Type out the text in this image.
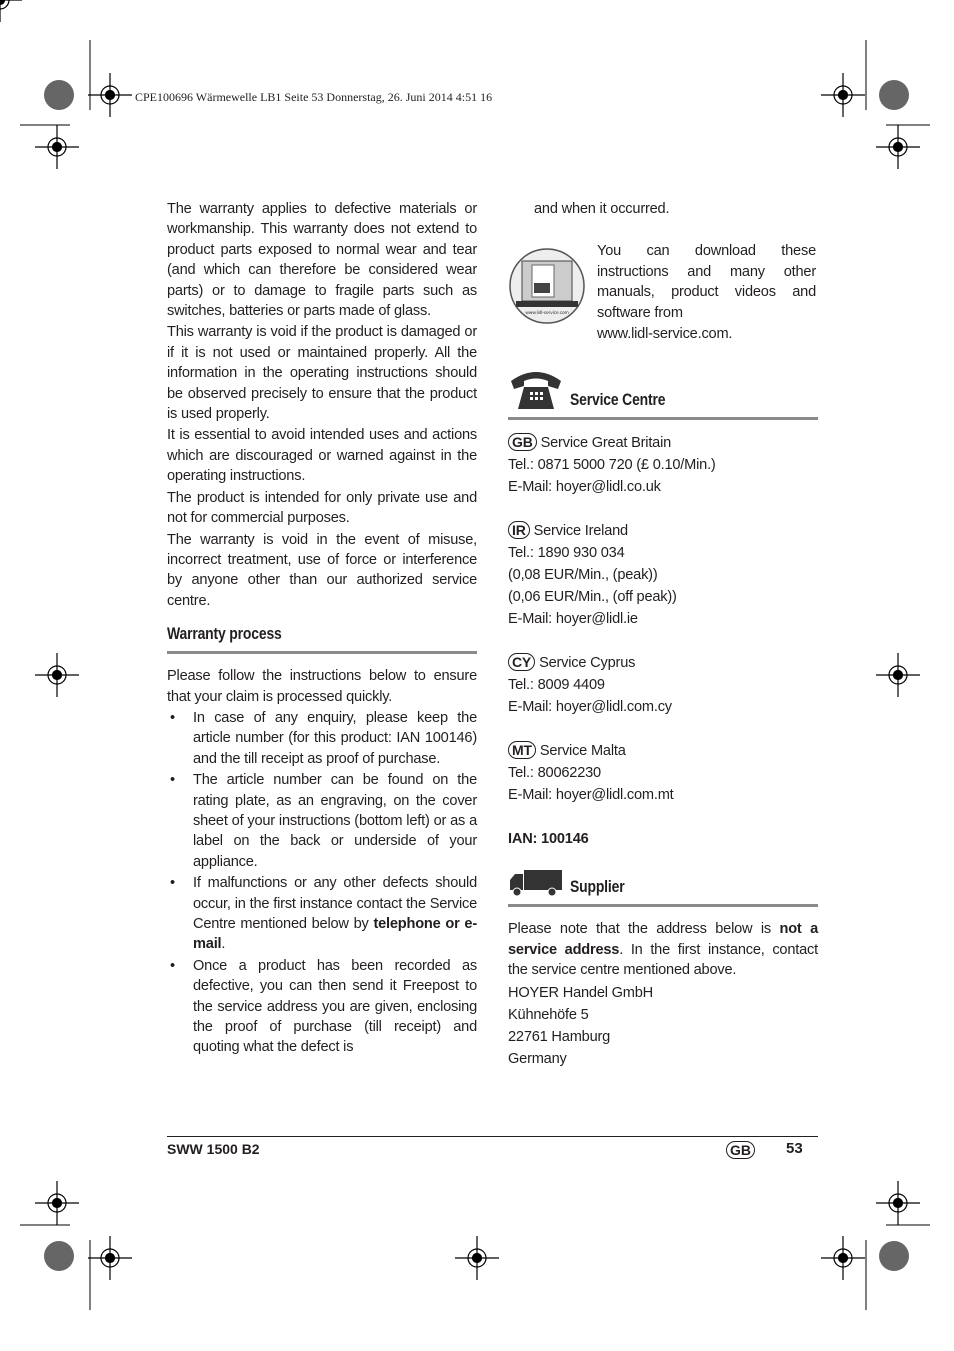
CPE100696 Wärmewelle LB1 Seite 53 Donnerstag, 26. Juni 2014 4:51 16

The warranty applies to defective materials or workmanship. This warranty does not extend to product parts exposed to normal wear and tear (and which can therefore be considered wear parts) or to damage to fragile parts such as switches, batteries or parts made of glass.

This warranty is void if the product is damaged or if it is not used or maintained properly. All the information in the operating instructions should be observed precisely to ensure that the product is used properly.

It is essential to avoid intended uses and actions which are discouraged or warned against in the operating instructions.

The product is intended for only private use and not for commercial purposes.

The warranty is void in the event of misuse, incorrect treatment, use of force or interference by anyone other than our authorized service centre.

Warranty process

Please follow the instructions below to ensure that your claim is processed quickly.

• In case of any enquiry, please keep the article number (for this product: IAN 100146) and the till receipt as proof of purchase.
• The article number can be found on the rating plate, as an engraving, on the cover sheet of your instructions (bottom left) or as a label on the back or underside of your appliance.
• If malfunctions or any other defects should occur, in the first instance contact the Service Centre mentioned below by telephone or e-mail.
• Once a product has been recorded as defective, you can then send it Freepost to the service address you are given, enclosing the proof of purchase (till receipt) and quoting what the defect is
and when it occurred.
www.lidl-service.com

You can download these instructions and many other manuals, product videos and software from

www.lidl-service.com.

Service Centre
GB Service Great Britain
Tel.: 0871 5000 720 (£ 0.10/Min.)
E-Mail: hoyer@lidl.co.uk
IR Service Ireland
Tel.: 1890 930 034
(0,08 EUR/Min., (peak))
(0,06 EUR/Min., (off peak))
E-Mail: hoyer@lidl.ie
CY Service Cyprus
Tel.: 8009 4409
E-Mail: hoyer@lidl.com.cy
MT Service Malta
Tel.: 80062230
E-Mail: hoyer@lidl.com.mt
IAN: 100146
Supplier

Please note that the address below is not a service address. In the first instance, contact the service centre mentioned above.

HOYER Handel GmbH
Kühnehöfe 5
22761 Hamburg
Germany
SWW 1500 B2	GB	53
